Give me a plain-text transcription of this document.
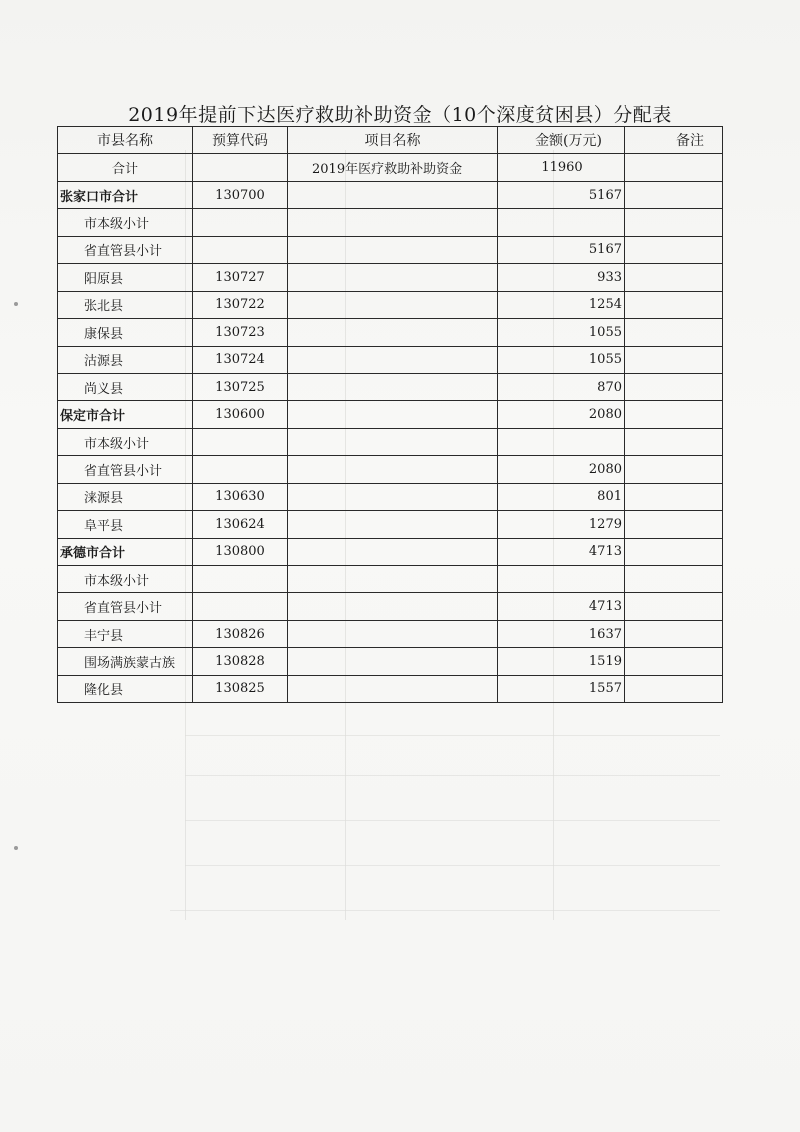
2019年提前下达医疗救助补助资金（10个深度贫困县）分配表
市县名称	预算代码	项目名称	金额(万元)	备注
合计		2019年医疗救助补助资金	11960	
张家口市合计	130700		5167	
市本级小计				
省直管县小计			5167	
阳原县	130727		933	
张北县	130722		1254	
康保县	130723		1055	
沽源县	130724		1055	
尚义县	130725		870	
保定市合计	130600		2080	
市本级小计				
省直管县小计			2080	
涞源县	130630		801	
阜平县	130624		1279	
承德市合计	130800		4713	
市本级小计				
省直管县小计			4713	
丰宁县	130826		1637	
围场满族蒙古族	130828		1519	
隆化县	130825		1557	
